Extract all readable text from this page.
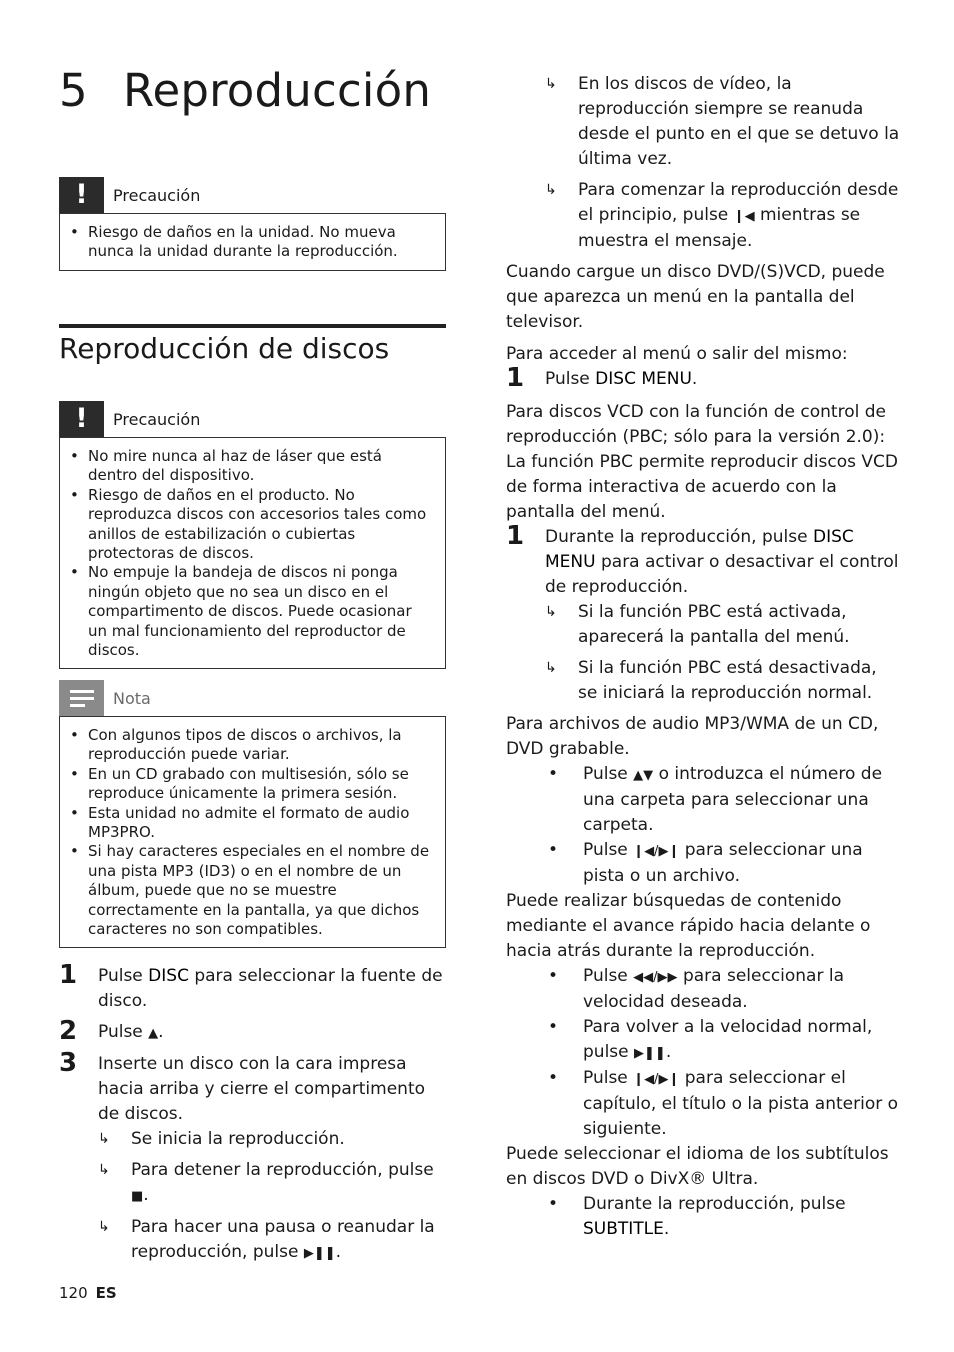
5 Reproducción
!	Precaución
• Riesgo de daños en la unidad. No mueva nunca la unidad durante la reproducción.
Reproducción de discos
!	Precaución
• No mire nunca al haz de láser que está dentro del dispositivo.
• Riesgo de daños en el producto. No reproduzca discos con accesorios tales como anillos de estabilización o cubiertas protectoras de discos.
• No empuje la bandeja de discos ni ponga ningún objeto que no sea un disco en el compartimento de discos. Puede ocasionar un mal funcionamiento del reproductor de discos.
Nota
• Con algunos tipos de discos o archivos, la reproducción puede variar.
• En un CD grabado con multisesión, sólo se reproduce únicamente la primera sesión.
• Esta unidad no admite el formato de audio MP3PRO.
• Si hay caracteres especiales en el nombre de una pista MP3 (ID3) o en el nombre de un álbum, puede que no se muestre correctamente en la pantalla, ya que dichos caracteres no son compatibles.
1 Pulse DISC para seleccionar la fuente de disco.
2 Pulse ▲.
3 Inserte un disco con la cara impresa hacia arriba y cierre el compartimento de discos.
↳ Se inicia la reproducción.
↳ Para detener la reproducción, pulse ■.
↳ Para hacer una pausa o reanudar la reproducción, pulse ▶❚❚.
↳ En los discos de vídeo, la reproducción siempre se reanuda desde el punto en el que se detuvo la última vez.
↳ Para comenzar la reproducción desde el principio, pulse ❙◀ mientras se muestra el mensaje.

Cuando cargue un disco DVD/(S)VCD, puede que aparezca un menú en la pantalla del televisor.

Para acceder al menú o salir del mismo:

1 Pulse DISC MENU.

Para discos VCD con la función de control de reproducción (PBC; sólo para la versión 2.0):

La función PBC permite reproducir discos VCD de forma interactiva de acuerdo con la pantalla del menú.

1 Durante la reproducción, pulse DISC MENU para activar o desactivar el control de reproducción.
↳ Si la función PBC está activada, aparecerá la pantalla del menú.
↳ Si la función PBC está desactivada, se iniciará la reproducción normal.

Para archivos de audio MP3/WMA de un CD, DVD grabable.

• Pulse ▲▼ o introduzca el número de una carpeta para seleccionar una carpeta.
• Pulse ❙◀/▶❙ para seleccionar una pista o un archivo.

Puede realizar búsquedas de contenido mediante el avance rápido hacia delante o hacia atrás durante la reproducción.

• Pulse ◀◀/▶▶ para seleccionar la velocidad deseada.
• Para volver a la velocidad normal, pulse ▶❚❚.
• Pulse ❙◀/▶❙ para seleccionar el capítulo, el título o la pista anterior o siguiente.

Puede seleccionar el idioma de los subtítulos en discos DVD o DivX® Ultra.

• Durante la reproducción, pulse SUBTITLE.
120 ES
